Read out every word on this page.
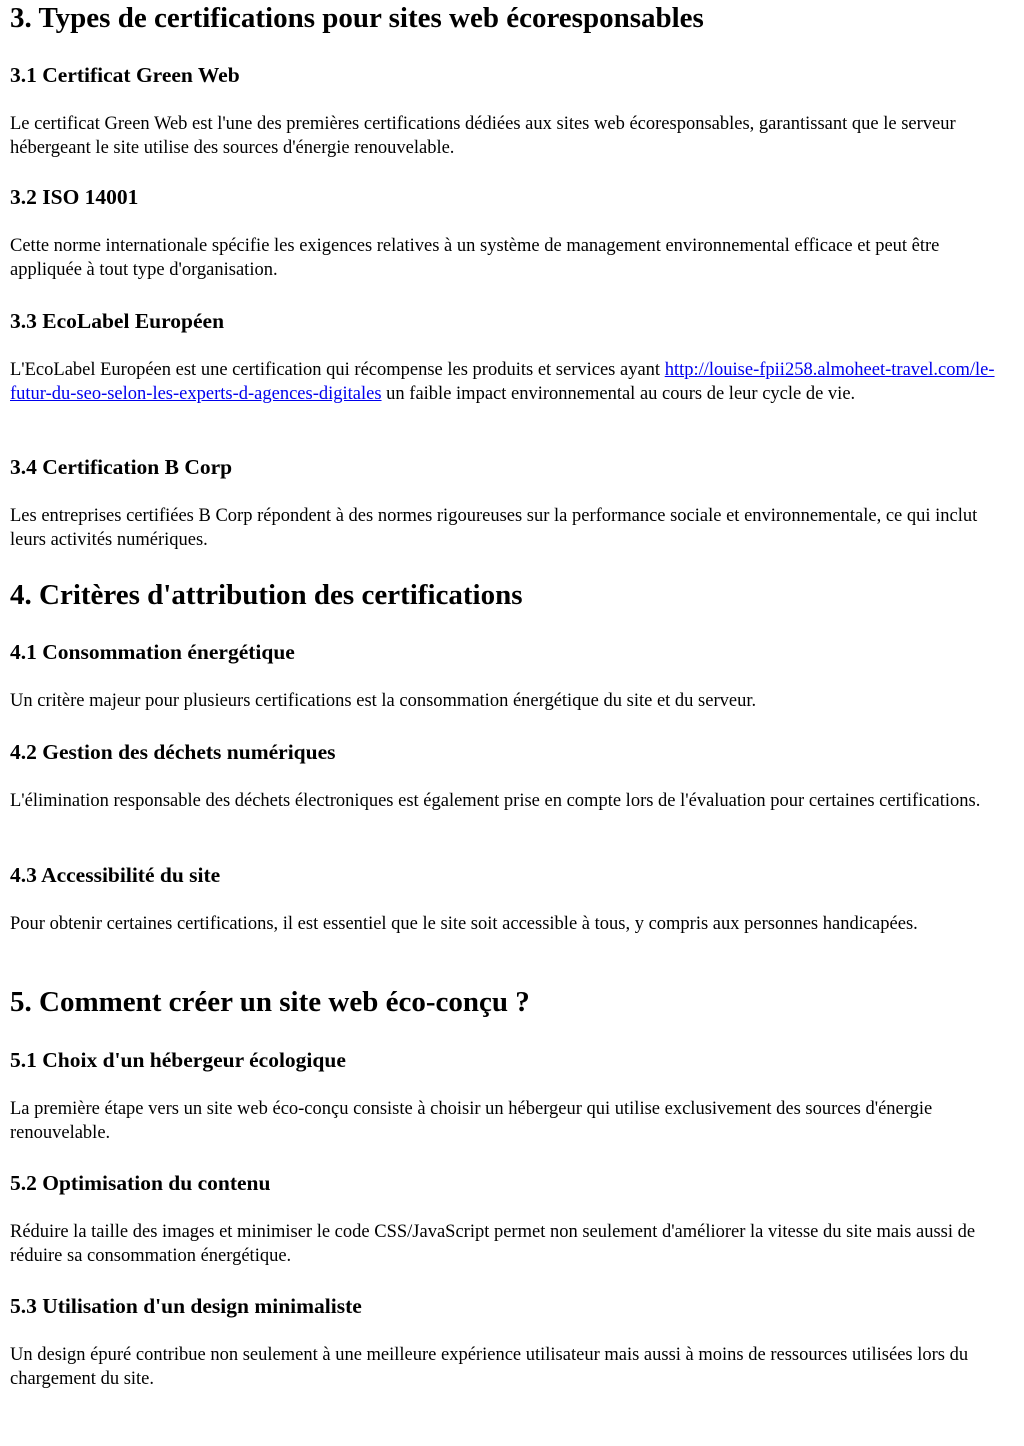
3. Types de certifications pour sites web écoresponsables
3.1 Certificat Green Web

Le certificat Green Web est l'une des premières certifications dédiées aux sites web écoresponsables, garantissant que le serveur hébergeant le site utilise des sources d'énergie renouvelable.

3.2 ISO 14001

Cette norme internationale spécifie les exigences relatives à un système de management environnemental efficace et peut être appliquée à tout type d'organisation.

3.3 EcoLabel Européen

L'EcoLabel Européen est une certification qui récompense les produits et services ayant http://louise-fpii258.almoheet-travel.com/le-futur-du-seo-selon-les-experts-d-agences-digitales un faible impact environnemental au cours de leur cycle de vie.

3.4 Certification B Corp

Les entreprises certifiées B Corp répondent à des normes rigoureuses sur la performance sociale et environnementale, ce qui inclut leurs activités numériques.

4. Critères d'attribution des certifications
4.1 Consommation énergétique

Un critère majeur pour plusieurs certifications est la consommation énergétique du site et du serveur.

4.2 Gestion des déchets numériques

L'élimination responsable des déchets électroniques est également prise en compte lors de l'évaluation pour certaines certifications.

4.3 Accessibilité du site

Pour obtenir certaines certifications, il est essentiel que le site soit accessible à tous, y compris aux personnes handicapées.

5. Comment créer un site web éco-conçu ?
5.1 Choix d'un hébergeur écologique

La première étape vers un site web éco-conçu consiste à choisir un hébergeur qui utilise exclusivement des sources d'énergie renouvelable.

5.2 Optimisation du contenu

Réduire la taille des images et minimiser le code CSS/JavaScript permet non seulement d'améliorer la vitesse du site mais aussi de réduire sa consommation énergétique.

5.3 Utilisation d'un design minimaliste

Un design épuré contribue non seulement à une meilleure expérience utilisateur mais aussi à moins de ressources utilisées lors du chargement du site.
